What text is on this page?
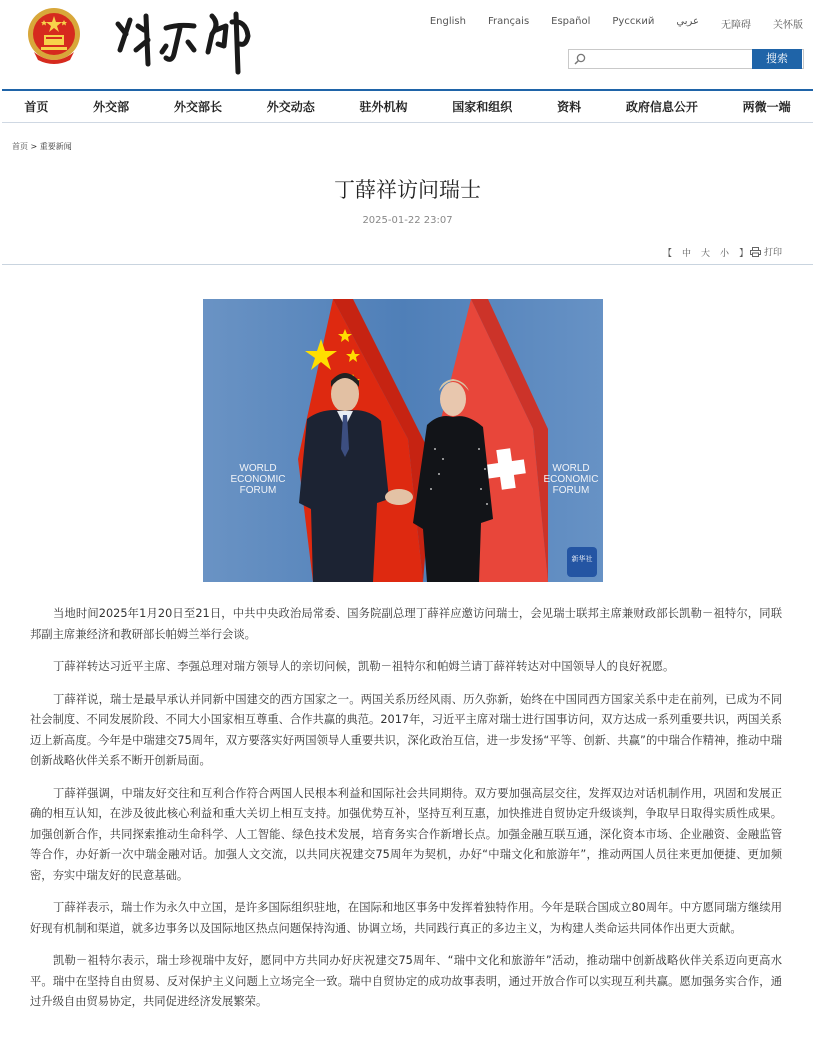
English Français Español Русский عربي 无障碍 关怀版
搜索
首页	外交部	外交部长	外交动态	驻外机构	国家和组织	资料	政府信息公开	两微一端
首页 > 重要新闻
丁薛祥访问瑞士
2025-01-22 23:07
【 中 大 小 】	打印
WORLD
ECONOMIC
FORUM
WORLD
ECONOMIC
FORUM
新华社

当地时间2025年1月20日至21日，中共中央政治局常委、国务院副总理丁薛祥应邀访问瑞士，会见瑞士联邦主席兼财政部长凯勒－祖特尔，同联邦副主席兼经济和教研部长帕姆兰举行会谈。

丁薛祥转达习近平主席、李强总理对瑞方领导人的亲切问候，凯勒－祖特尔和帕姆兰请丁薛祥转达对中国领导人的良好祝愿。

丁薛祥说，瑞士是最早承认并同新中国建交的西方国家之一。两国关系历经风雨、历久弥新，始终在中国同西方国家关系中走在前列，已成为不同社会制度、不同发展阶段、不同大小国家相互尊重、合作共赢的典范。2017年，习近平主席对瑞士进行国事访问，双方达成一系列重要共识，两国关系迈上新高度。今年是中瑞建交75周年，双方要落实好两国领导人重要共识，深化政治互信，进一步发扬“平等、创新、共赢”的中瑞合作精神，推动中瑞创新战略伙伴关系不断开创新局面。

丁薛祥强调，中瑞友好交往和互利合作符合两国人民根本利益和国际社会共同期待。双方要加强高层交往，发挥双边对话机制作用，巩固和发展正确的相互认知，在涉及彼此核心利益和重大关切上相互支持。加强优势互补，坚持互利互惠，加快推进自贸协定升级谈判，争取早日取得实质性成果。加强创新合作，共同探索推动生命科学、人工智能、绿色技术发展，培育务实合作新增长点。加强金融互联互通，深化资本市场、企业融资、金融监管等合作，办好新一次中瑞金融对话。加强人文交流，以共同庆祝建交75周年为契机，办好“中瑞文化和旅游年”，推动两国人员往来更加便捷、更加频密，夯实中瑞友好的民意基础。

丁薛祥表示，瑞士作为永久中立国，是许多国际组织驻地，在国际和地区事务中发挥着独特作用。今年是联合国成立80周年。中方愿同瑞方继续用好现有机制和渠道，就多边事务以及国际地区热点问题保持沟通、协调立场，共同践行真正的多边主义，为构建人类命运共同体作出更大贡献。

凯勒－祖特尔表示，瑞士珍视瑞中友好，愿同中方共同办好庆祝建交75周年、“瑞中文化和旅游年”活动，推动瑞中创新战略伙伴关系迈向更高水平。瑞中在坚持自由贸易、反对保护主义问题上立场完全一致。瑞中自贸协定的成功故事表明，通过开放合作可以实现互利共赢。愿加强务实合作，通过升级自由贸易协定，共同促进经济发展繁荣。
